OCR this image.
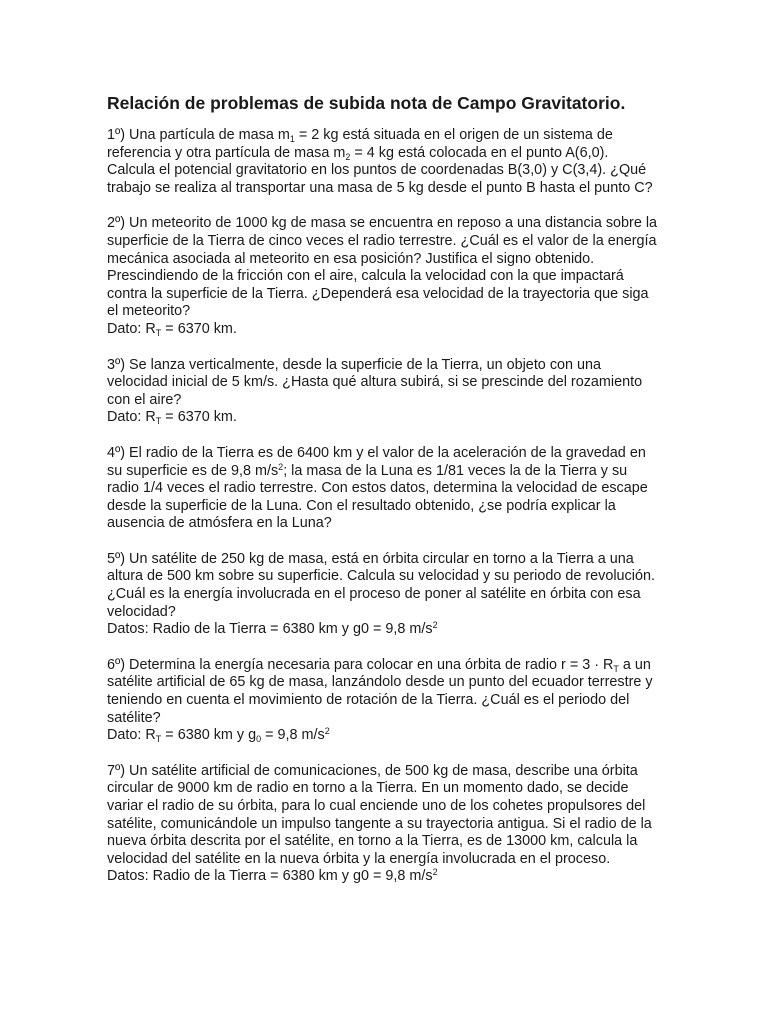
Relación de problemas de subida nota de Campo Gravitatorio.

1º) Una partícula de masa $m_1 = 2$ kg está situada en el origen de un sistema de

referencia y otra partícula de masa $m_2 = 4$ kg está colocada en el punto A(6,0).

Calcula el potencial gravitatorio en los puntos de coordenadas B(3,0) y C(3,4). ¿Qué

trabajo se realiza al transportar una masa de 5 kg desde el punto B hasta el punto C?

2º) Un meteorito de 1000 kg de masa se encuentra en reposo a una distancia sobre la

superficie de la Tierra de cinco veces el radio terrestre. ¿Cuál es el valor de la energía

mecánica asociada al meteorito en esa posición? Justifica el signo obtenido.

Prescindiendo de la fricción con el aire, calcula la velocidad con la que impactará

contra la superficie de la Tierra. ¿Dependerá esa velocidad de la trayectoria que siga

el meteorito?

Dato: $R_T = 6370$ km.

3º) Se lanza verticalmente, desde la superficie de la Tierra, un objeto con una

velocidad inicial de 5 km/s. ¿Hasta qué altura subirá, si se prescinde del rozamiento

con el aire?

Dato: $R_T = 6370$ km.

4º) El radio de la Tierra es de 6400 km y el valor de la aceleración de la gravedad en

su superficie es de 9,8 $m/s^2$; la masa de la Luna es 1/81 veces la de la Tierra y su

radio 1/4 veces el radio terrestre. Con estos datos, determina la velocidad de escape

desde la superficie de la Luna. Con el resultado obtenido, ¿se podría explicar la

ausencia de atmósfera en la Luna?

5º) Un satélite de 250 kg de masa, está en órbita circular en torno a la Tierra a una

altura de 500 km sobre su superficie. Calcula su velocidad y su periodo de revolución.

¿Cuál es la energía involucrada en el proceso de poner al satélite en órbita con esa

velocidad?

Datos: Radio de la Tierra = 6380 km y g0 = 9,8 $m/s^2$

6º) Determina la energía necesaria para colocar en una órbita de radio $r = 3 \cdot R_T$ a un

satélite artificial de 65 kg de masa, lanzándolo desde un punto del ecuador terrestre y

teniendo en cuenta el movimiento de rotación de la Tierra. ¿Cuál es el periodo del

satélite?

Dato: $R_T = 6380$ km y $g_0 = 9,8$ $m/s^2$

7º) Un satélite artificial de comunicaciones, de 500 kg de masa, describe una órbita

circular de 9000 km de radio en torno a la Tierra. En un momento dado, se decide

variar el radio de su órbita, para lo cual enciende uno de los cohetes propulsores del

satélite, comunicándole un impulso tangente a su trayectoria antigua. Si el radio de la

nueva órbita descrita por el satélite, en torno a la Tierra, es de 13000 km, calcula la

velocidad del satélite en la nueva órbita y la energía involucrada en el proceso.

Datos: Radio de la Tierra = 6380 km y g0 = 9,8 $m/s^2$
